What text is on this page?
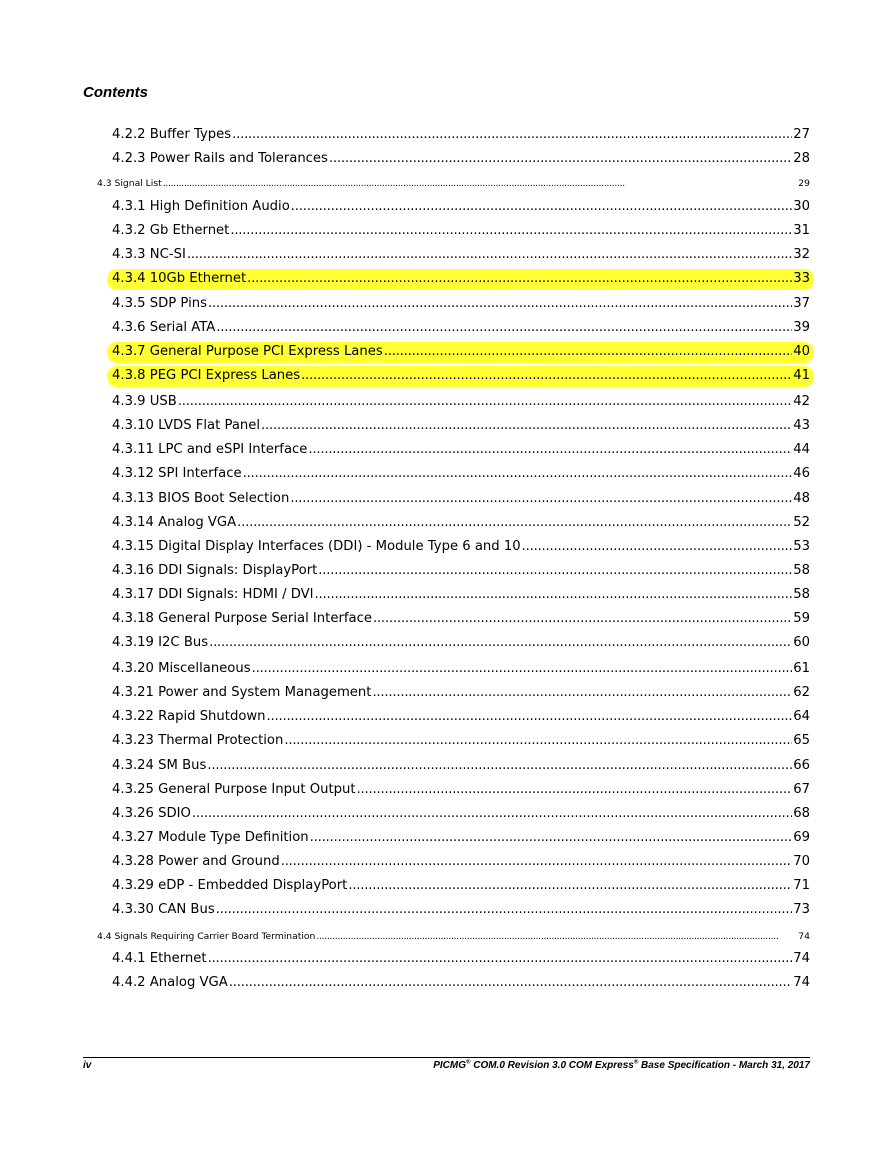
Contents
4.2.2 Buffer Types . . .	27
4.2.3 Power Rails and Tolerances . . .	28
4.3 Signal List . . .	29
4.3.1 High Definition Audio . . .	30
4.3.2 Gb Ethernet . . .	31
4.3.3 NC-SI . . .	32
4.3.4 10Gb Ethernet . . .	33
4.3.5 SDP Pins . . .	37
4.3.6 Serial ATA . . .	39
4.3.7 General Purpose PCI Express Lanes . . .	40
4.3.8 PEG PCI Express Lanes . . .	41
4.3.9 USB . . .	42
4.3.10 LVDS Flat Panel . . .	43
4.3.11 LPC and eSPI Interface . . .	44
4.3.12 SPI Interface . . .	46
4.3.13 BIOS Boot Selection . . .	48
4.3.14 Analog VGA . . .	52
4.3.15 Digital Display Interfaces (DDI) - Module Type 6 and 10 . . .	53
4.3.16 DDI Signals: DisplayPort . . .	58
4.3.17 DDI Signals: HDMI / DVI . . .	58
4.3.18 General Purpose Serial Interface . . .	59
4.3.19 I2C Bus . . .	60
4.3.20 Miscellaneous . . .	61
4.3.21 Power and System Management . . .	62
4.3.22 Rapid Shutdown . . .	64
4.3.23 Thermal Protection . . .	65
4.3.24 SM Bus . . .	66
4.3.25 General Purpose Input Output . . .	67
4.3.26 SDIO . . .	68
4.3.27 Module Type Definition . . .	69
4.3.28 Power and Ground . . .	70
4.3.29 eDP - Embedded DisplayPort . . .	71
4.3.30 CAN Bus . . .	73
4.4 Signals Requiring Carrier Board Termination . . .	74
4.4.1 Ethernet . . .	74
4.4.2 Analog VGA . . .	74
iv	PICMG® COM.0 Revision 3.0 COM Express® Base Specification - March 31, 2017
